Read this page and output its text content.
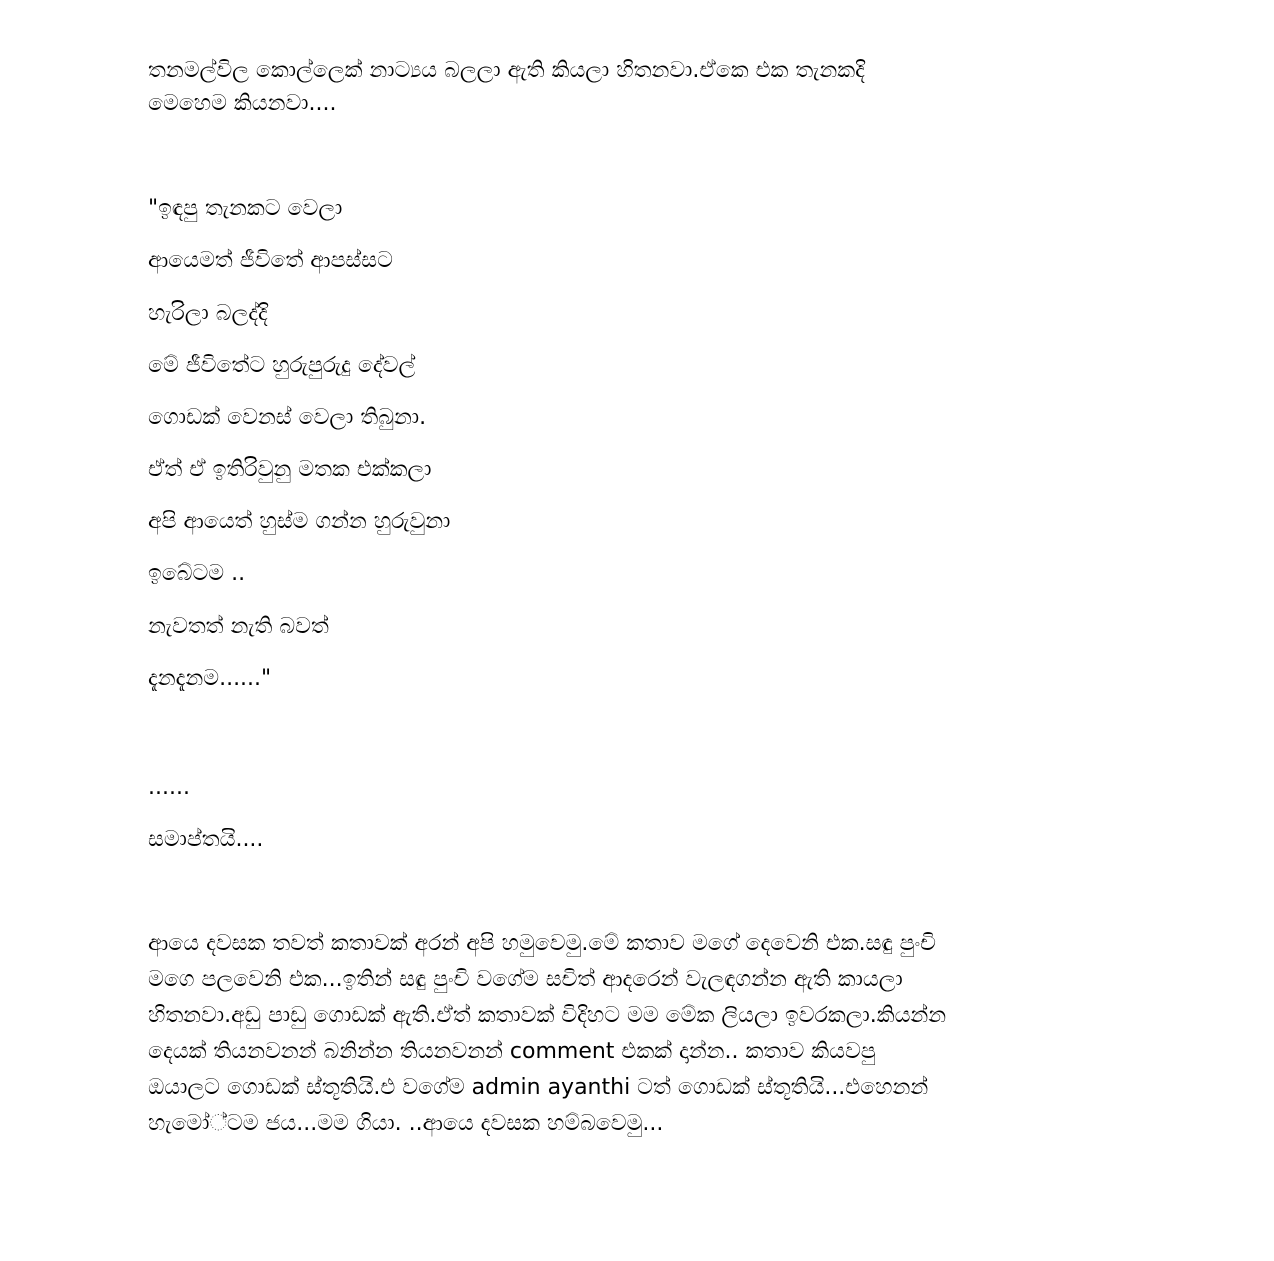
තනමල්විල කොල්ලෙක් නාට්‍යය බලලා ඇති කියලා හිතනවා.ඒකෙ එක තැනකදි

මෙහෙම කියනවා....

"ඉඳපු තැනකට වෙලා

ආයෙමත් ජීවිතේ ආපස්සට

හැරිලා බලද්දි

මේ ජීවිතේට හුරුපුරුදු දේවල්

ගොඩක් වෙනස් වෙලා තිබුනා.

ඒත් ඒ ඉතිරිවුනු මතක එක්කලා

අපි ආයෙත් හුස්ම ගන්න හුරුවුනා

ඉබේටම ..

නැවතත් නැති බවත්

දැනදැනම......"

......

සමාප්තයි....

ආයෙ දවසක තවත් කතාවක් අරන් අපි හමුවෙමු.මේ කතාව මගේ දෙවෙනි එක.සඳු පුංචි

මගෙ පලවෙනි එක...ඉතින් සඳු පුංචි වගේම සචිත් ආදරෙන් වැලඳගන්න ඇති කායලා

හිතනවා.අඩු පාඩු ගොඩක් ඇති.ඒත් කතාවක් විදිහට මම මේක ලියලා ඉවරකලා.කියන්න

දෙයක් තියනවනන් බනින්න තියනවනන් comment එකක් දාන්න.. කතාව කියවපු

ඔයාලට ගොඩක් ස්තූතියි.එ වගේම admin ayanthi ටත් ගොඩක් ස්තූතියි...එහෙනන්

හැමෝ්ටම ජය...මම ගියා. ..ආයෙ දවසක හම්බවෙමු...
